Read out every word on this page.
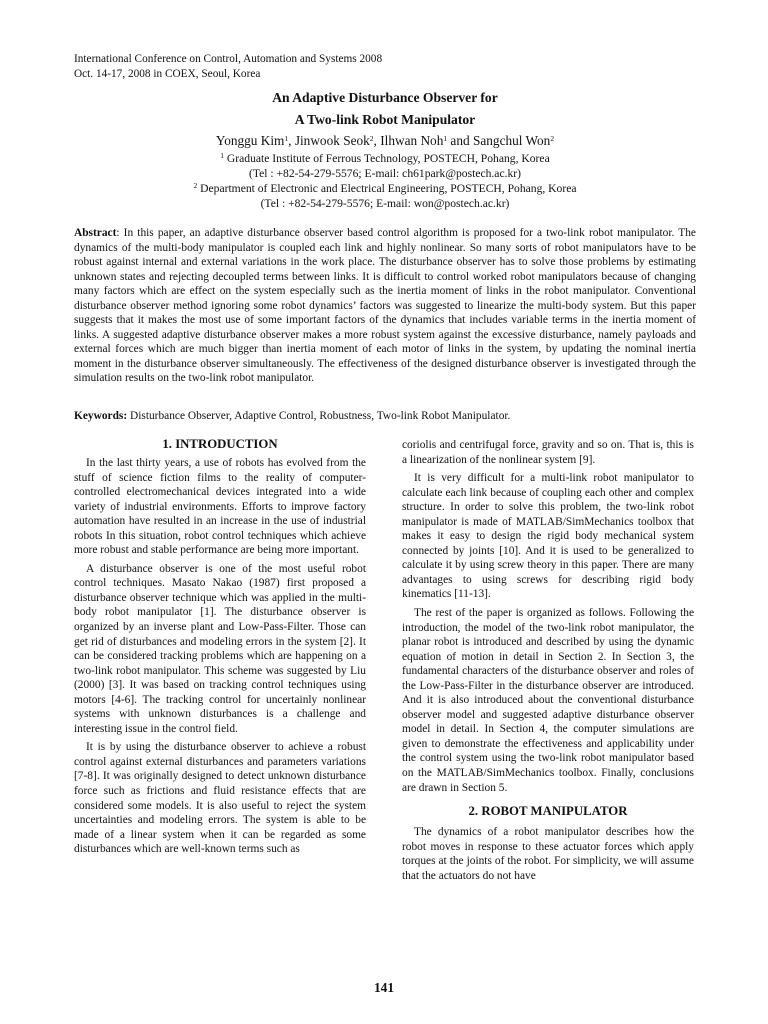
International Conference on Control, Automation and Systems 2008
Oct. 14-17, 2008 in COEX, Seoul, Korea
An Adaptive Disturbance Observer for
A Two-link Robot Manipulator
Yonggu Kim$^1$, Jinwook Seok$^2$, Ilhwan Noh$^1$ and Sangchul Won$^2$
$^1$ Graduate Institute of Ferrous Technology, POSTECH, Pohang, Korea
(Tel : +82-54-279-5576; E-mail: ch61park@postech.ac.kr)
$^2$ Department of Electronic and Electrical Engineering, POSTECH, Pohang, Korea
(Tel : +82-54-279-5576; E-mail: won@postech.ac.kr)
Abstract: In this paper, an adaptive disturbance observer based control algorithm is proposed for a two-link robot manipulator. The dynamics of the multi-body manipulator is coupled each link and highly nonlinear. So many sorts of robot manipulators have to be robust against internal and external variations in the work place. The disturbance observer has to solve those problems by estimating unknown states and rejecting decoupled terms between links. It is difficult to control worked robot manipulators because of changing many factors which are effect on the system especially such as the inertia moment of links in the robot manipulator. Conventional disturbance observer method ignoring some robot dynamics’ factors was suggested to linearize the multi-body system. But this paper suggests that it makes the most use of some important factors of the dynamics that includes variable terms in the inertia moment of links. A suggested adaptive disturbance observer makes a more robust system against the excessive disturbance, namely payloads and external forces which are much bigger than inertia moment of each motor of links in the system, by updating the nominal inertia moment in the disturbance observer simultaneously. The effectiveness of the designed disturbance observer is investigated through the simulation results on the two-link robot manipulator.
Keywords: Disturbance Observer, Adaptive Control, Robustness, Two-link Robot Manipulator.
1. INTRODUCTION

In the last thirty years, a use of robots has evolved from the stuff of science fiction films to the reality of computer-controlled electromechanical devices integrated into a wide variety of industrial environments. Efforts to improve factory automation have resulted in an increase in the use of industrial robots In this situation, robot control techniques which achieve more robust and stable performance are being more important.

A disturbance observer is one of the most useful robot control techniques. Masato Nakao (1987) first proposed a disturbance observer technique which was applied in the multi-body robot manipulator [1]. The disturbance observer is organized by an inverse plant and Low-Pass-Filter. Those can get rid of disturbances and modeling errors in the system [2]. It can be considered tracking problems which are happening on a two-link robot manipulator. This scheme was suggested by Liu (2000) [3]. It was based on tracking control techniques using motors [4-6]. The tracking control for uncertainly nonlinear systems with unknown disturbances is a challenge and interesting issue in the control field.

It is by using the disturbance observer to achieve a robust control against external disturbances and parameters variations [7-8]. It was originally designed to detect unknown disturbance force such as frictions and fluid resistance effects that are considered some models. It is also useful to reject the system uncertainties and modeling errors. The system is able to be made of a linear system when it can be regarded as some disturbances which are well-known terms such as

coriolis and centrifugal force, gravity and so on. That is, this is a linearization of the nonlinear system [9].

It is very difficult for a multi-link robot manipulator to calculate each link because of coupling each other and complex structure. In order to solve this problem, the two-link robot manipulator is made of MATLAB/SimMechanics toolbox that makes it easy to design the rigid body mechanical system connected by joints [10]. And it is used to be generalized to calculate it by using screw theory in this paper. There are many advantages to using screws for describing rigid body kinematics [11-13].

The rest of the paper is organized as follows. Following the introduction, the model of the two-link robot manipulator, the planar robot is introduced and described by using the dynamic equation of motion in detail in Section 2. In Section 3, the fundamental characters of the disturbance observer and roles of the Low-Pass-Filter in the disturbance observer are introduced. And it is also introduced about the conventional disturbance observer model and suggested adaptive disturbance observer model in detail. In Section 4, the computer simulations are given to demonstrate the effectiveness and applicability under the control system using the two-link robot manipulator based on the MATLAB/SimMechanics toolbox. Finally, conclusions are drawn in Section 5.

2. ROBOT MANIPULATOR

The dynamics of a robot manipulator describes how the robot moves in response to these actuator forces which apply torques at the joints of the robot. For simplicity, we will assume that the actuators do not have

141
